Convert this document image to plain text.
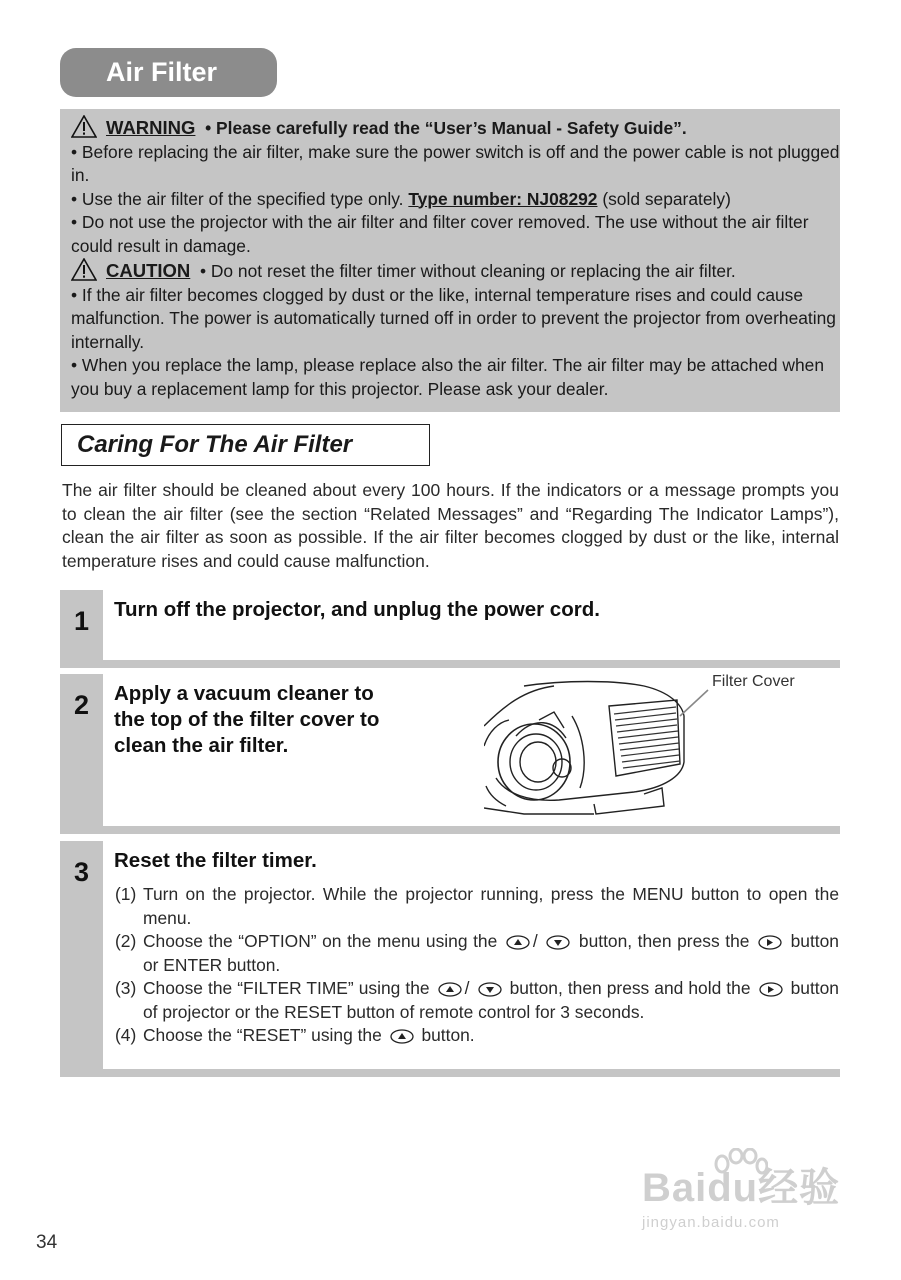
Air Filter

WARNING • Please carefully read the “User’s Manual - Safety Guide”.

• Before replacing the air filter, make sure the power switch is off and the power cable is not plugged in.

• Use the air filter of the specified type only. Type number: NJ08292 (sold separately)

• Do not use the projector with the air filter and filter cover removed. The use without the air filter could result in damage.

CAUTION • Do not reset the filter timer without cleaning or replacing the air filter.

• If the air filter becomes clogged by dust or the like, internal temperature rises and could cause malfunction. The power is automatically turned off in order to prevent the projector from overheating internally.

• When you replace the lamp, please replace also the air filter. The air filter may be attached when you buy a replacement lamp for this projector. Please ask your dealer.

Caring For The Air Filter

The air filter should be cleaned about every 100 hours. If the indicators or a message prompts you to clean the air filter (see the section “Related Messages” and “Regarding The Indicator Lamps”), clean the air filter as soon as possible. If the air filter becomes clogged by dust or the like, internal temperature rises and could cause malfunction.

1	Turn off the projector, and unplug the power cord.
2	Apply a vacuum cleaner to
the top of the filter cover to
clean the air filter.
Filter Cover
3	Reset the filter timer.
(1) Turn on the projector. While the projector running, press the MENU button to open the menu.
(2) Choose the “OPTION” on the menu using the / button, then press the button or ENTER button.
(3) Choose the “FILTER TIME” using the / button, then press and hold the button of projector or the RESET button of remote control for 3 seconds.
(4) Choose the “RESET” using the button.
34
Baidu经验
jingyan.baidu.com
